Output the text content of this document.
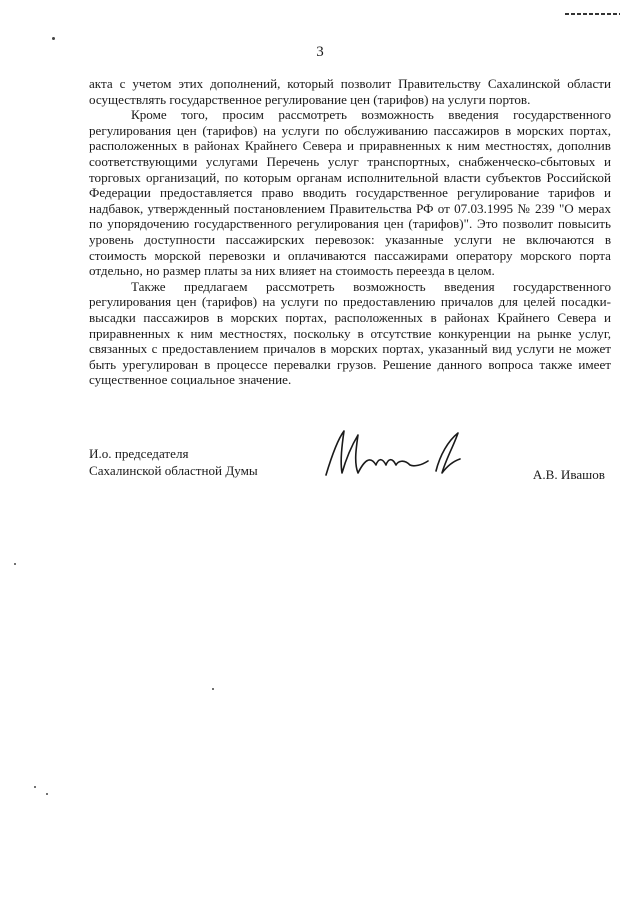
3

акта с учетом этих дополнений, который позволит Правительству Сахалинской области осуществлять государственное регулирование цен (тарифов) на услуги портов.

Кроме того, просим рассмотреть возможность введения государственного регулирования цен (тарифов) на услуги по обслуживанию пассажиров в морских портах, расположенных в районах Крайнего Севера и приравненных к ним местностях, дополнив соответствующими услугами Перечень услуг транспортных, снабженческо-сбытовых и торговых организаций, по которым органам исполнительной власти субъектов Российской Федерации предоставляется право вводить государственное регулирование тарифов и надбавок, утвержденный постановлением Правительства РФ от 07.03.1995 № 239 "О мерах по упорядочению государственного регулирования цен (тарифов)". Это позволит повысить уровень доступности пассажирских перевозок: указанные услуги не включаются в стоимость морской перевозки и оплачиваются пассажирами оператору морского порта отдельно, но размер платы за них влияет на стоимость переезда в целом.

Также предлагаем рассмотреть возможность введения государственного регулирования цен (тарифов) на услуги по предоставлению причалов для целей посадки-высадки пассажиров в морских портах, расположенных в районах Крайнего Севера и приравненных к ним местностях, поскольку в отсутствие конкуренции на рынке услуг, связанных с предоставлением причалов в морских портах, указанный вид услуги не может быть урегулирован в процессе перевалки грузов. Решение данного вопроса также имеет существенное социальное значение.

И.о. председателя
Сахалинской областной Думы	А.В. Ивашов
